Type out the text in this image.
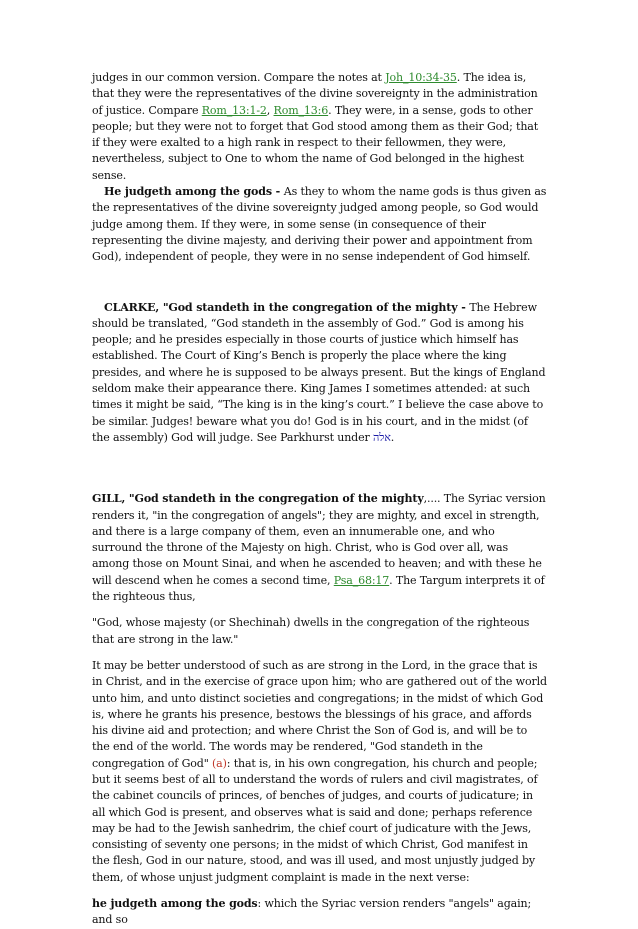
judges in our common version. Compare the notes at Joh_10:34-35. The idea is, that they were the representatives of the divine sovereignty in the administration of justice. Compare Rom_13:1-2, Rom_13:6. They were, in a sense, gods to other people; but they were not to forget that God stood among them as their God; that if they were exalted to a high rank in respect to their fellowmen, they were, nevertheless, subject to One to whom the name of God belonged in the highest sense.

He judgeth among the gods - As they to whom the name gods is thus given as the representatives of the divine sovereignty judged among people, so God would judge among them. If they were, in some sense (in consequence of their representing the divine majesty, and deriving their power and appointment from God), independent of people, they were in no sense independent of God himself.

CLARKE, "God standeth in the congregation of the mighty - The Hebrew should be translated, “God standeth in the assembly of God.” God is among his people; and he presides especially in those courts of justice which himself has established. The Court of King’s Bench is properly the place where the king presides, and where he is supposed to be always present. But the kings of England seldom make their appearance there. King James I sometimes attended: at such times it might be said, “The king is in the king’s court.” I believe the case above to be similar. Judges! beware what you do! God is in his court, and in the midst (of the assembly) God will judge. See Parkhurst under אלה.

GILL, "God standeth in the congregation of the mighty,.... The Syriac version renders it, "in the congregation of angels"; they are mighty, and excel in strength, and there is a large company of them, even an innumerable one, and who surround the throne of the Majesty on high. Christ, who is God over all, was among those on Mount Sinai, and when he ascended to heaven; and with these he will descend when he comes a second time, Psa_68:17. The Targum interprets it of the righteous thus,

"God, whose majesty (or Shechinah) dwells in the congregation of the righteous that are strong in the law."

It may be better understood of such as are strong in the Lord, in the grace that is in Christ, and in the exercise of grace upon him; who are gathered out of the world unto him, and unto distinct societies and congregations; in the midst of which God is, where he grants his presence, bestows the blessings of his grace, and affords his divine aid and protection; and where Christ the Son of God is, and will be to the end of the world. The words may be rendered, "God standeth in the congregation of God" (a): that is, in his own congregation, his church and people; but it seems best of all to understand the words of rulers and civil magistrates, of the cabinet councils of princes, of benches of judges, and courts of judicature; in all which God is present, and observes what is said and done; perhaps reference may be had to the Jewish sanhedrim, the chief court of judicature with the Jews, consisting of seventy one persons; in the midst of which Christ, God manifest in the flesh, God in our nature, stood, and was ill used, and most unjustly judged by them, of whose unjust judgment complaint is made in the next verse:

he judgeth among the gods: which the Syriac version renders "angels" again; and so
